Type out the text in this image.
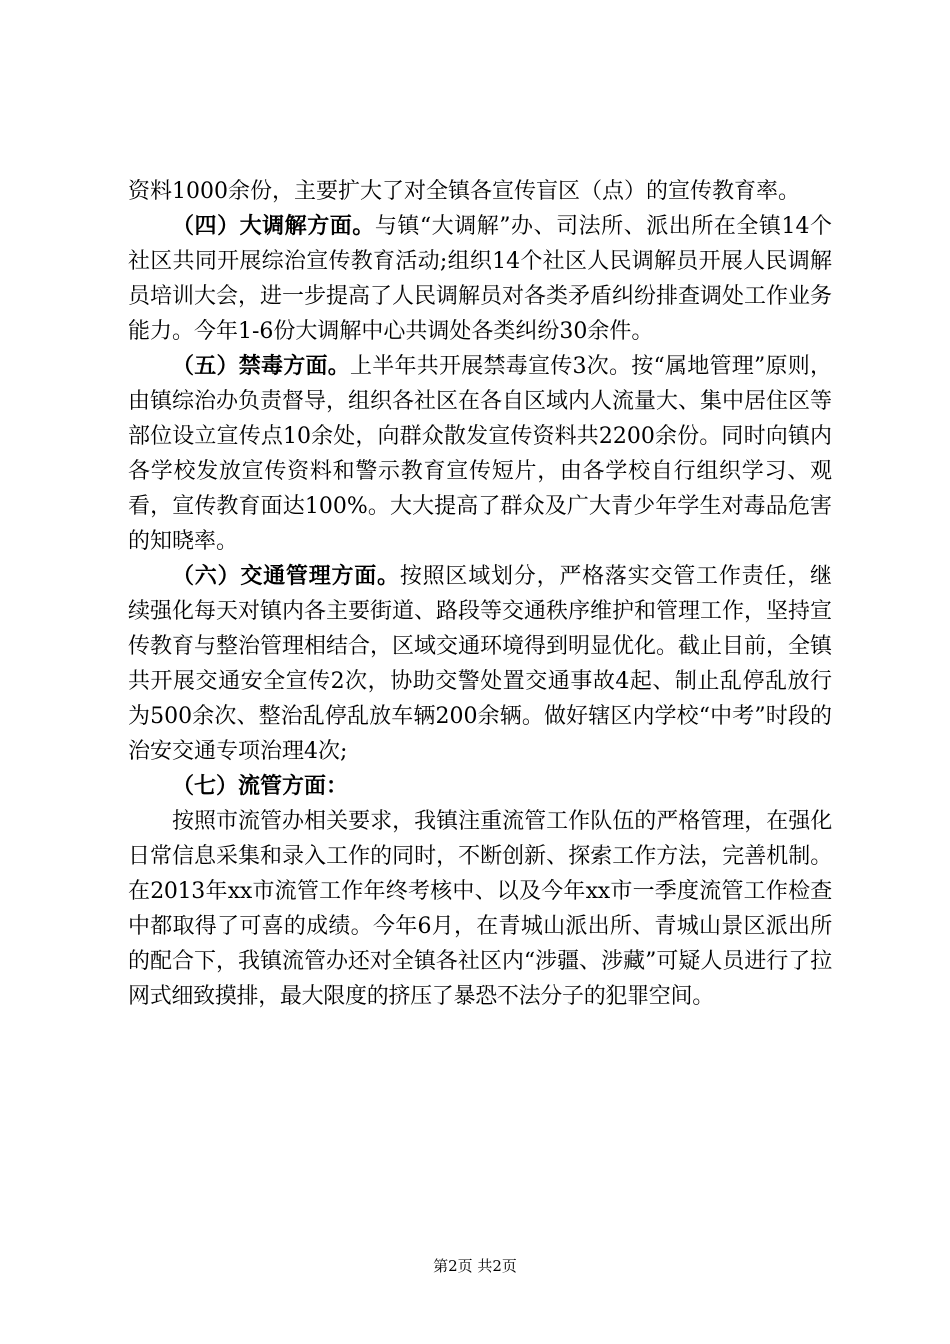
资料1000余份，主要扩大了对全镇各宣传盲区（点）的宣传教育率。

（四）大调解方面。与镇“大调解”办、司法所、派出所在全镇14个社区共同开展综治宣传教育活动;组织14个社区人民调解员开展人民调解员培训大会，进一步提高了人民调解员对各类矛盾纠纷排查调处工作业务能力。今年1-6份大调解中心共调处各类纠纷30余件。

（五）禁毒方面。上半年共开展禁毒宣传3次。按“属地管理”原则，由镇综治办负责督导，组织各社区在各自区域内人流量大、集中居住区等部位设立宣传点10余处，向群众散发宣传资料共2200余份。同时向镇内各学校发放宣传资料和警示教育宣传短片，由各学校自行组织学习、观看，宣传教育面达100%。大大提高了群众及广大青少年学生对毒品危害的知晓率。

（六）交通管理方面。按照区域划分，严格落实交管工作责任，继续强化每天对镇内各主要街道、路段等交通秩序维护和管理工作，坚持宣传教育与整治管理相结合，区域交通环境得到明显优化。截止目前，全镇共开展交通安全宣传2次，协助交警处置交通事故4起、制止乱停乱放行为500余次、整治乱停乱放车辆200余辆。做好辖区内学校“中考”时段的治安交通专项治理4次;

（七）流管方面：

按照市流管办相关要求，我镇注重流管工作队伍的严格管理，在强化日常信息采集和录入工作的同时，不断创新、探索工作方法，完善机制。在2013年xx市流管工作年终考核中、以及今年xx市一季度流管工作检查中都取得了可喜的成绩。今年6月，在青城山派出所、青城山景区派出所的配合下，我镇流管办还对全镇各社区内“涉疆、涉藏”可疑人员进行了拉网式细致摸排，最大限度的挤压了暴恐不法分子的犯罪空间。

第2页 共2页
